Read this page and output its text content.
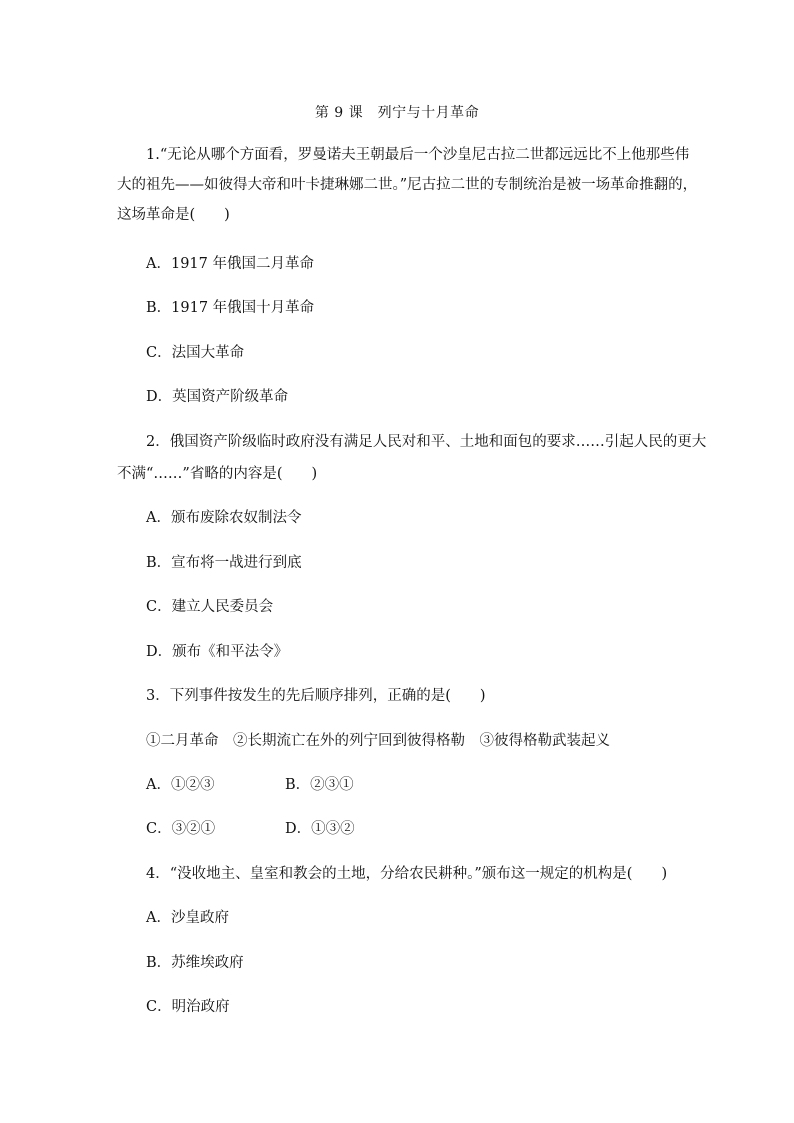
第 9 课　列宁与十月革命
1.“无论从哪个方面看，罗曼诺夫王朝最后一个沙皇尼古拉二世都远远比不上他那些伟
大的祖先——如彼得大帝和叶卡捷琳娜二世。”尼古拉二世的专制统治是被一场革命推翻的，
这场革命是(　　)
A．1917 年俄国二月革命
B．1917 年俄国十月革命
C．法国大革命
D．英国资产阶级革命
2．俄国资产阶级临时政府没有满足人民对和平、土地和面包的要求……引起人民的更大
不满“……”省略的内容是(　　)
A．颁布废除农奴制法令
B．宣布将一战进行到底
C．建立人民委员会
D．颁布《和平法令》
3．下列事件按发生的先后顺序排列，正确的是(　　)
①二月革命　②长期流亡在外的列宁回到彼得格勒　③彼得格勒武装起义
A．①②③	B．②③①
C．③②①	D．①③②
4．“没收地主、皇室和教会的土地，分给农民耕种。”颁布这一规定的机构是(　　)
A．沙皇政府
B．苏维埃政府
C．明治政府
